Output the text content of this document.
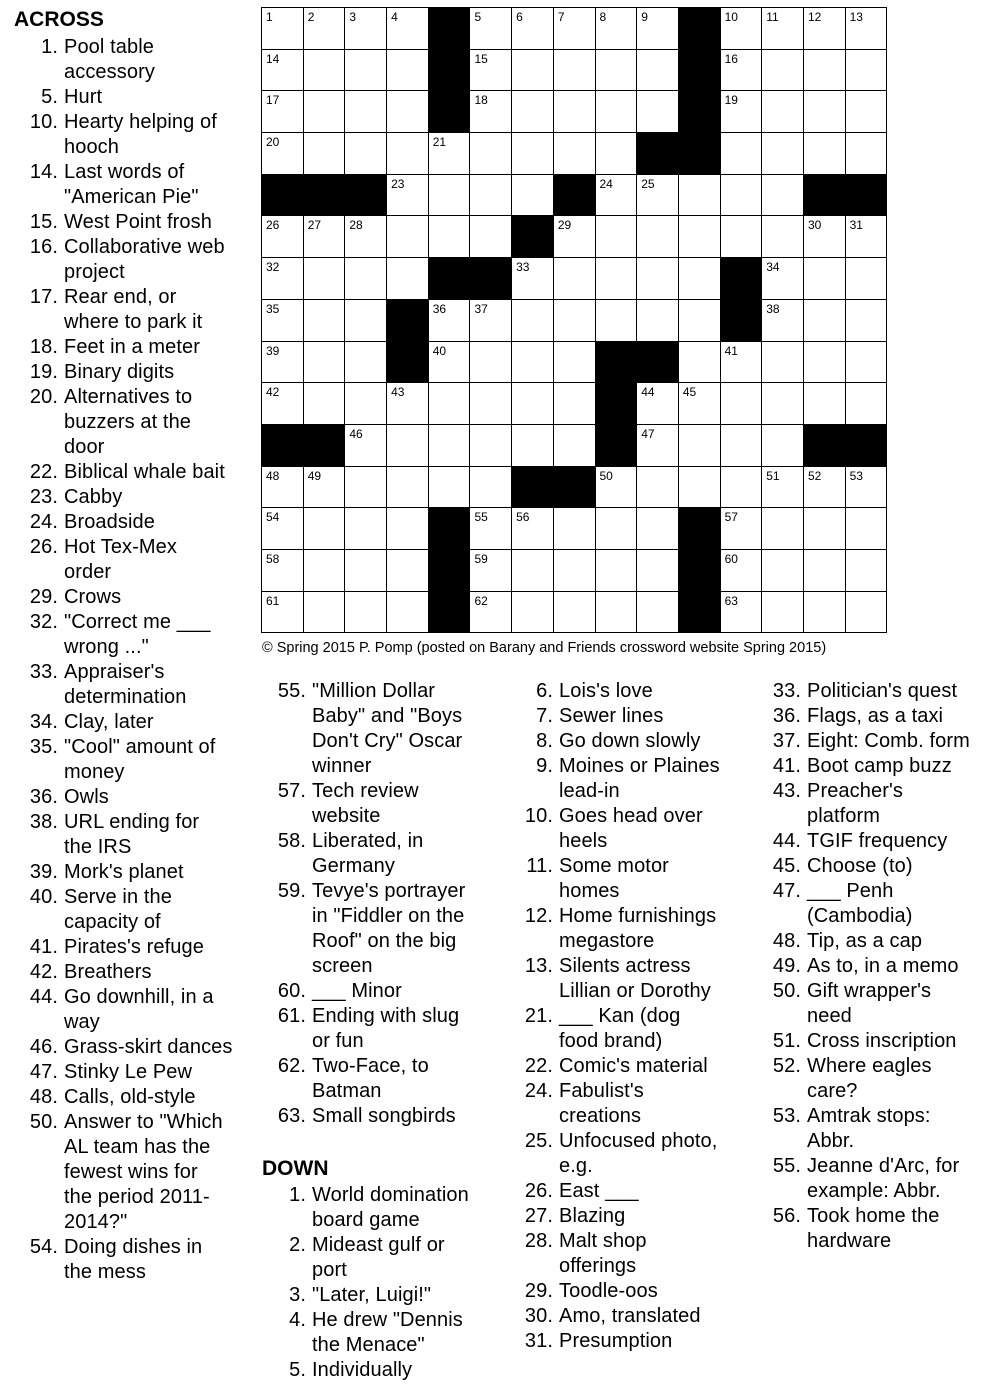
ACROSS
DOWN
1. Pool table
accessory
5. Hurt
10. Hearty helping of
hooch
14. Last words of
"American Pie"
15. West Point frosh
16. Collaborative web
project
17. Rear end, or
where to park it
18. Feet in a meter
19. Binary digits
20. Alternatives to
buzzers at the
door
22. Biblical whale bait
23. Cabby
24. Broadside
26. Hot Tex-Mex
order
29. Crows
32. "Correct me ___
wrong ..."
33. Appraiser's
determination
34. Clay, later
35. "Cool" amount of
money
36. Owls
38. URL ending for
the IRS
39. Mork's planet
40. Serve in the
capacity of
41. Pirates's refuge
42. Breathers
44. Go downhill, in a
way
46. Grass-skirt dances
47. Stinky Le Pew
48. Calls, old-style
50. Answer to "Which
AL team has the
fewest wins for
the period 2011-
2014?"
54. Doing dishes in
the mess
55. "Million Dollar
Baby" and "Boys
Don't Cry" Oscar
winner
57. Tech review
website
58. Liberated, in
Germany
59. Tevye's portrayer
in "Fiddler on the
Roof" on the big
screen
60. ___ Minor
61. Ending with slug
or fun
62. Two-Face, to
Batman
63. Small songbirds
1. World domination
board game
2. Mideast gulf or
port
3. "Later, Luigi!"
4. He drew "Dennis
the Menace"
5. Individually
6. Lois's love
7. Sewer lines
8. Go down slowly
9. Moines or Plaines
lead-in
10. Goes head over
heels
11. Some motor
homes
12. Home furnishings
megastore
13. Silents actress
Lillian or Dorothy
21. ___ Kan (dog
food brand)
22. Comic's material
24. Fabulist's
creations
25. Unfocused photo,
e.g.
26. East ___
27. Blazing
28. Malt shop
offerings
29. Toodle-oos
30. Amo, translated
31. Presumption
33. Politician's quest
36. Flags, as a taxi
37. Eight: Comb. form
41. Boot camp buzz
43. Preacher's
platform
44. TGIF frequency
45. Choose (to)
47. ___ Penh
(Cambodia)
48. Tip, as a cap
49. As to, in a memo
50. Gift wrapper's
need
51. Cross inscription
52. Where eagles
care?
53. Amtrak stops:
Abbr.
55. Jeanne d'Arc, for
example: Abbr.
56. Took home the
hardware
1	2	3	4	5	6	7	8	9	10 11 12 13
14	15	16
17	18	19
20	21	22
23	24 25
26 27 28	29	30 31
32	33	34
35	36 37	38
39	40	41
42	43	44 45
46	47
48 49	50	51 52 53
54	55 56	57
58	59	60
61	62	63
© Spring 2015 P. Pomp (posted on Barany and Friends crossword website Spring 2015)
